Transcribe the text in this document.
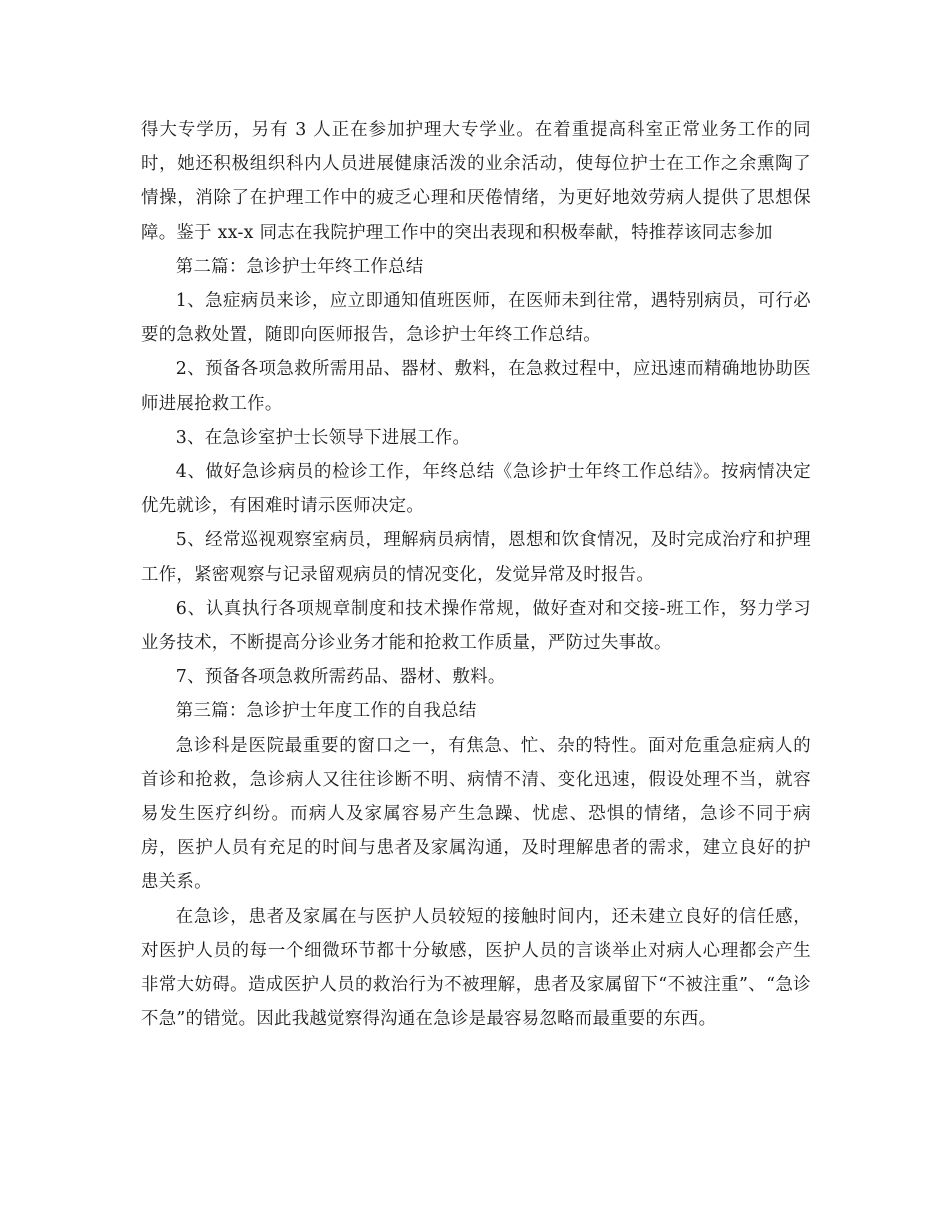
得大专学历，另有 3 人正在参加护理大专学业。在着重提高科室正常业务工作的同时，她还积极组织科内人员进展健康活泼的业余活动，使每位护士在工作之余熏陶了情操，消除了在护理工作中的疲乏心理和厌倦情绪，为更好地效劳病人提供了思想保障。鉴于 xx-x 同志在我院护理工作中的突出表现和积极奉献，特推荐该同志参加

第二篇：急诊护士年终工作总结

1、急症病员来诊，应立即通知值班医师，在医师未到往常，遇特别病员，可行必要的急救处置，随即向医师报告，急诊护士年终工作总结。

2、预备各项急救所需用品、器材、敷料，在急救过程中，应迅速而精确地协助医师进展抢救工作。

3、在急诊室护士长领导下进展工作。

4、做好急诊病员的检诊工作，年终总结《急诊护士年终工作总结》。按病情决定优先就诊，有困难时请示医师决定。

5、经常巡视观察室病员，理解病员病情，恩想和饮食情况，及时完成治疗和护理工作，紧密观察与记录留观病员的情况变化，发觉异常及时报告。

6、认真执行各项规章制度和技术操作常规，做好查对和交接-班工作，努力学习业务技术，不断提高分诊业务才能和抢救工作质量，严防过失事故。

7、预备各项急救所需药品、器材、敷料。

第三篇：急诊护士年度工作的自我总结

急诊科是医院最重要的窗口之一，有焦急、忙、杂的特性。面对危重急症病人的首诊和抢救，急诊病人又往往诊断不明、病情不清、变化迅速，假设处理不当，就容易发生医疗纠纷。而病人及家属容易产生急躁、忧虑、恐惧的情绪，急诊不同于病房，医护人员有充足的时间与患者及家属沟通，及时理解患者的需求，建立良好的护患关系。

在急诊，患者及家属在与医护人员较短的接触时间内，还未建立良好的信任感，对医护人员的每一个细微环节都十分敏感，医护人员的言谈举止对病人心理都会产生非常大妨碍。造成医护人员的救治行为不被理解，患者及家属留下“不被注重”、“急诊不急”的错觉。因此我越觉察得沟通在急诊是最容易忽略而最重要的东西。
